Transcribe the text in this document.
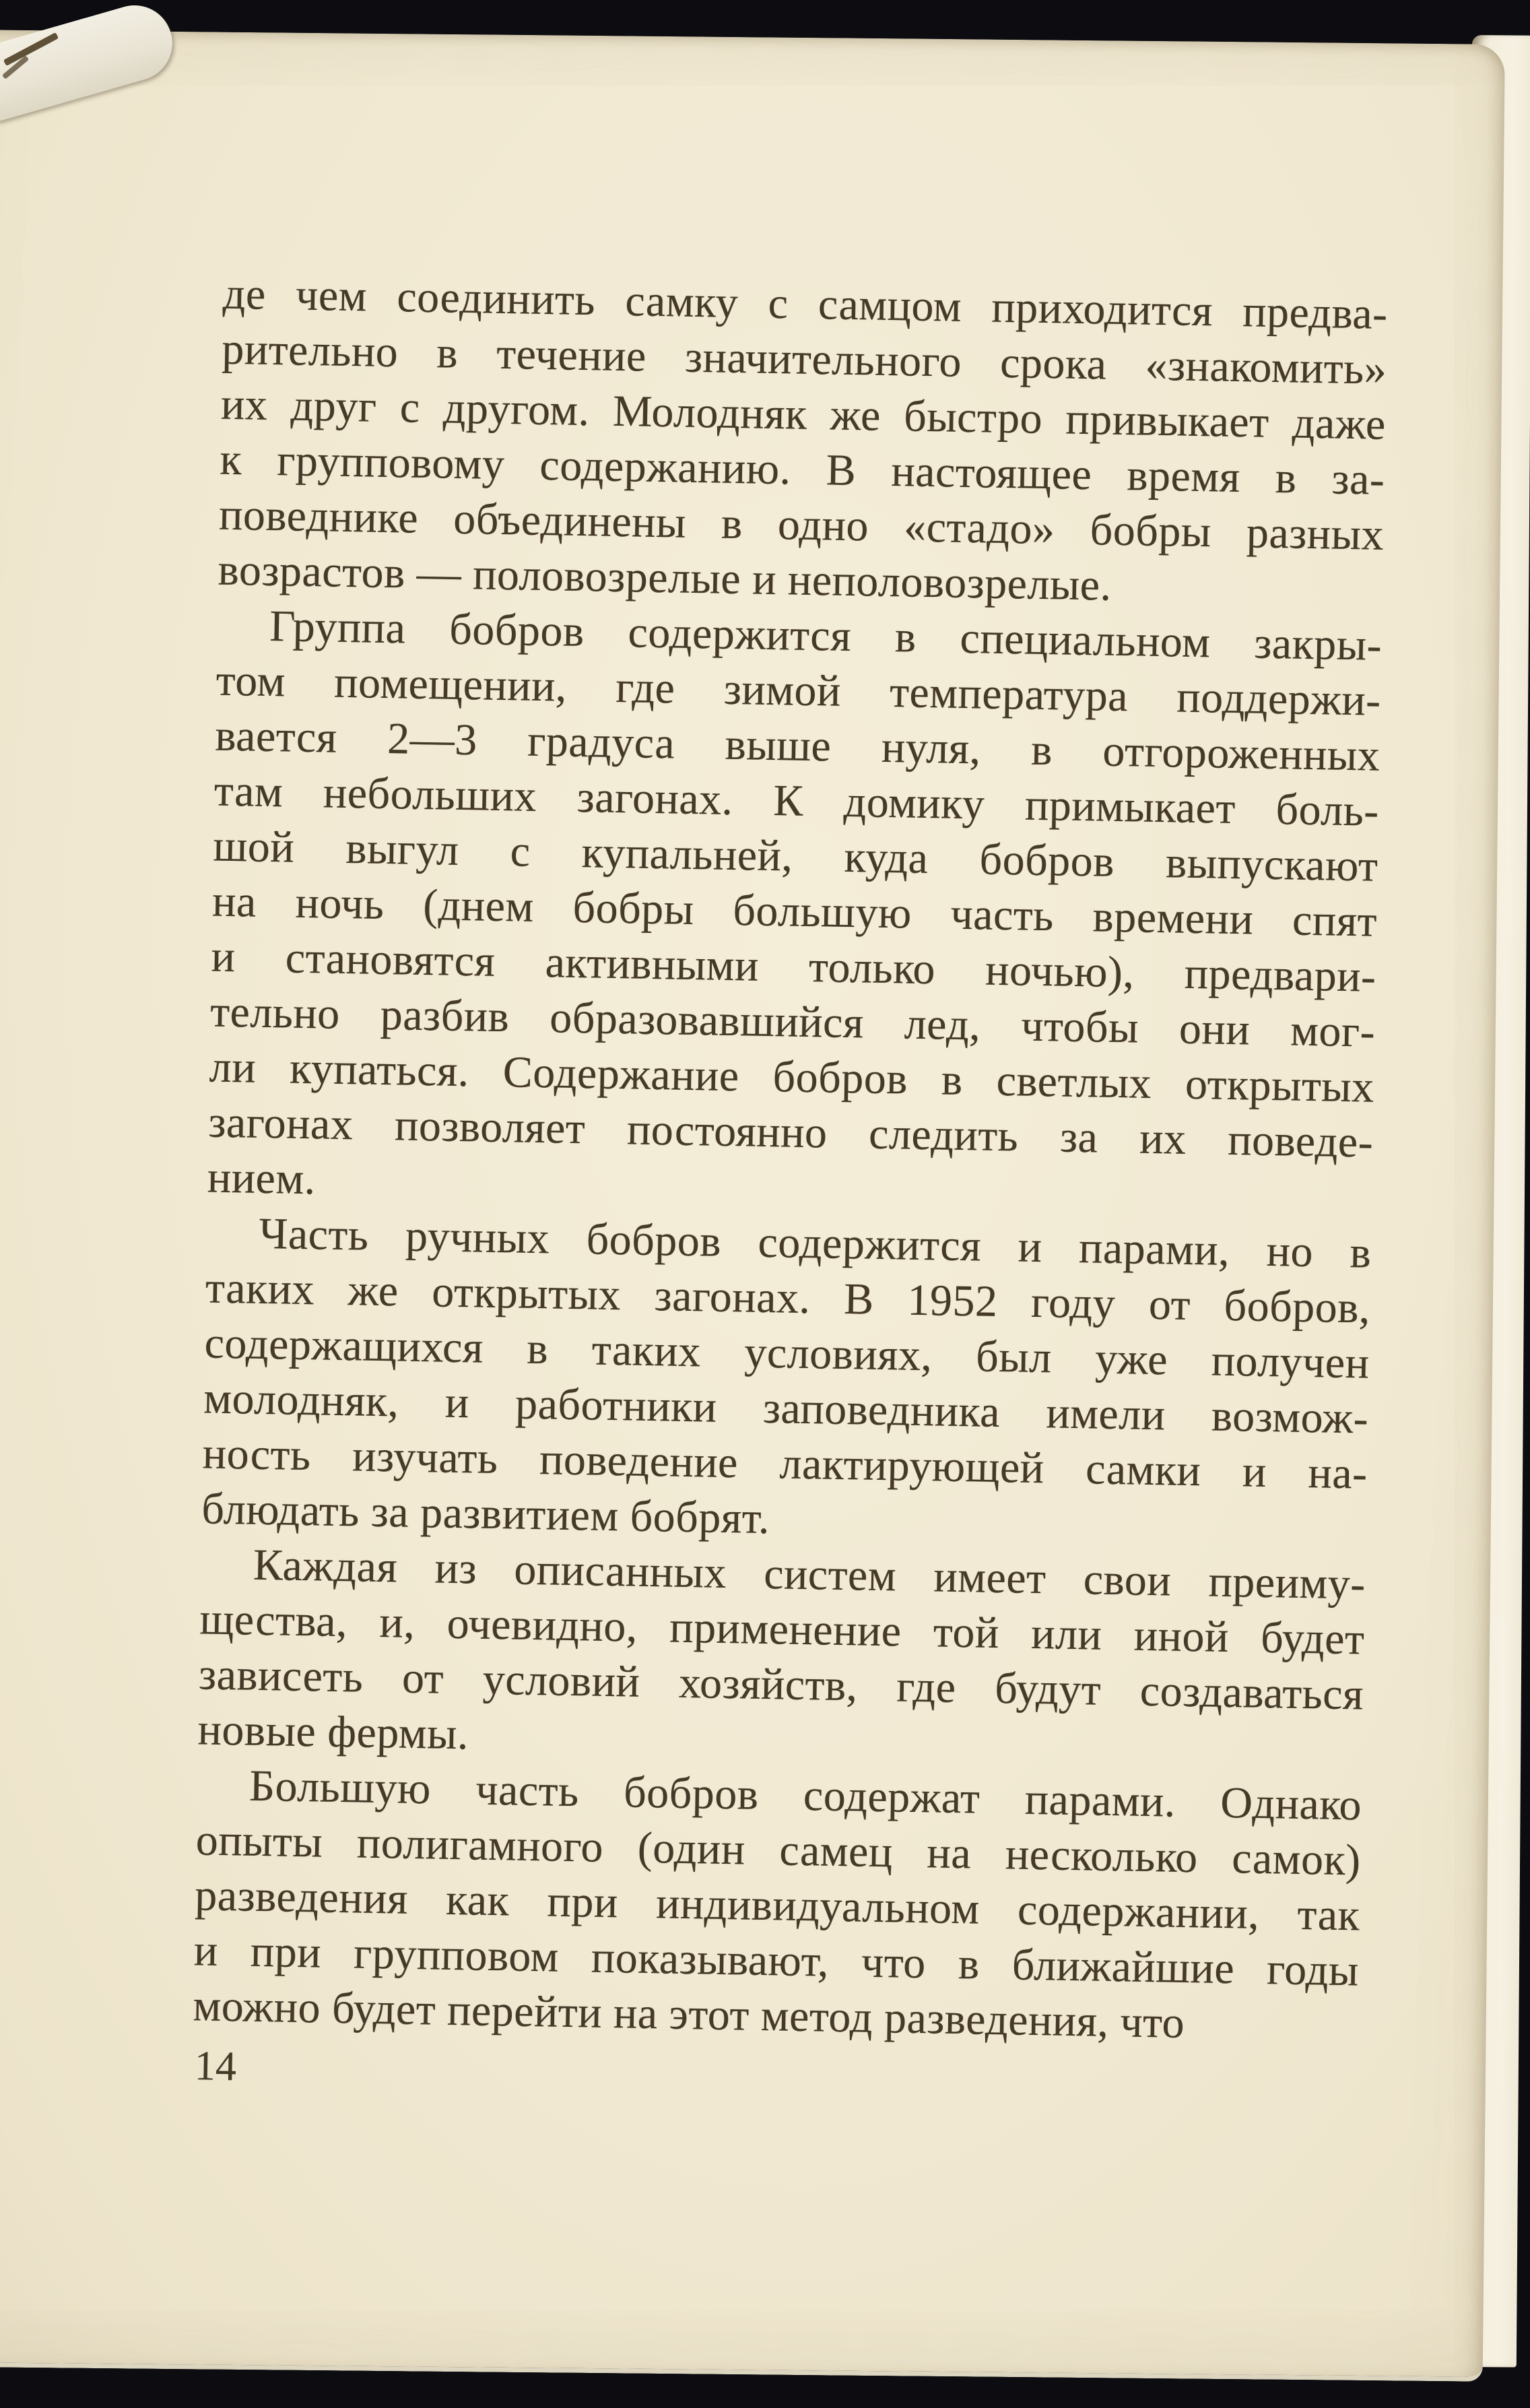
де чем соединить самку с самцом приходится предва-
рительно в течение значительного срока «знакомить»
их друг с другом. Молодняк же быстро привыкает даже
к групповому содержанию. В настоящее время в за-
поведнике объединены в одно «стадо» бобры разных
возрастов — половозрелые и неполовозрелые.
Группа бобров содержится в специальном закры-
том помещении, где зимой температура поддержи-
вается 2—3 градуса выше нуля, в отгороженных
там небольших загонах. К домику примыкает боль-
шой выгул с купальней, куда бобров выпускают
на ночь (днем бобры большую часть времени спят
и становятся активными только ночью), предвари-
тельно разбив образовавшийся лед, чтобы они мог-
ли купаться. Содержание бобров в светлых открытых
загонах позволяет постоянно следить за их поведе-
нием.
Часть ручных бобров содержится и парами, но в
таких же открытых загонах. В 1952 году от бобров,
содержащихся в таких условиях, был уже получен
молодняк, и работники заповедника имели возмож-
ность изучать поведение лактирующей самки и на-
блюдать за развитием бобрят.
Каждая из описанных систем имеет свои преиму-
щества, и, очевидно, применение той или иной будет
зависеть от условий хозяйств, где будут создаваться
новые фермы.
Большую часть бобров содержат парами. Однако
опыты полигамного (один самец на несколько самок)
разведения как при индивидуальном содержании, так
и при групповом показывают, что в ближайшие годы
можно будет перейти на этот метод разведения, что
14
